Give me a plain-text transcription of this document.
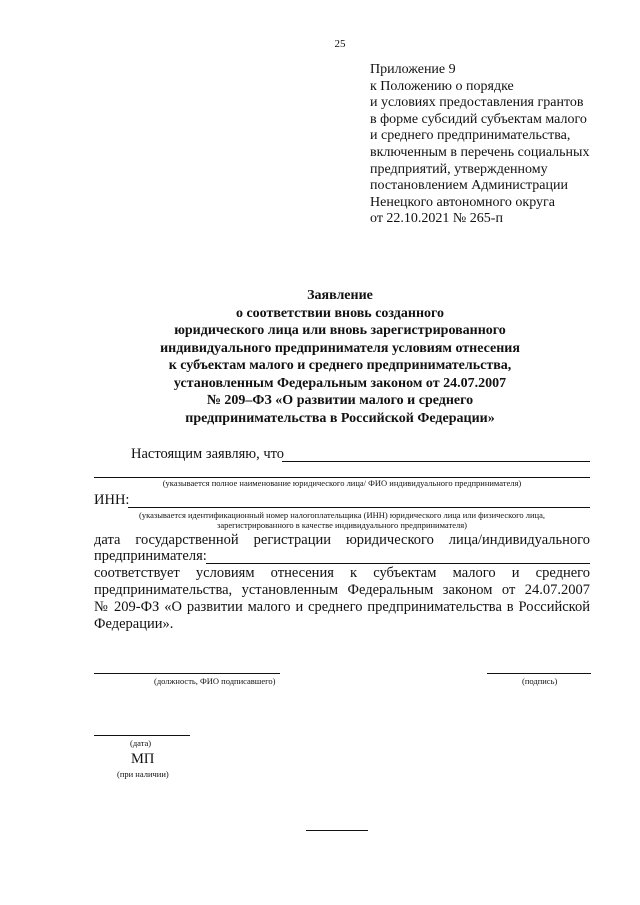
25
Приложение 9
к Положению о порядке
и условиях предоставления грантов
в форме субсидий субъектам малого
и среднего предпринимательства,
включенным в перечень социальных
предприятий, утвержденному
постановлением Администрации
Ненецкого автономного округа
от 22.10.2021 № 265-п
Заявление
о соответствии вновь созданного
юридического лица или вновь зарегистрированного
индивидуального предпринимателя условиям отнесения
к субъектам малого и среднего предпринимательства,
установленным Федеральным законом от 24.07.2007
№ 209–ФЗ «О развитии малого и среднего
предпринимательства в Российской Федерации»
Настоящим заявляю, что
(указывается полное наименование юридического лица/ ФИО индивидуального предпринимателя)
ИНН:
(указывается идентификационный номер налогоплательщика (ИНН) юридического лица или физического лица,
зарегистрированного в качестве индивидуального предпринимателя)
дата государственной регистрации юридического лица/индивидуального
предпринимателя:
соответствует условиям отнесения к субъектам малого и среднего
предпринимательства, установленным Федеральным законом от 24.07.2007
№ 209-ФЗ «О развитии малого и среднего предпринимательства в Российской
Федерации».
(должность, ФИО подписавшего)	(подпись)
(дата)
МП
(при наличии)
